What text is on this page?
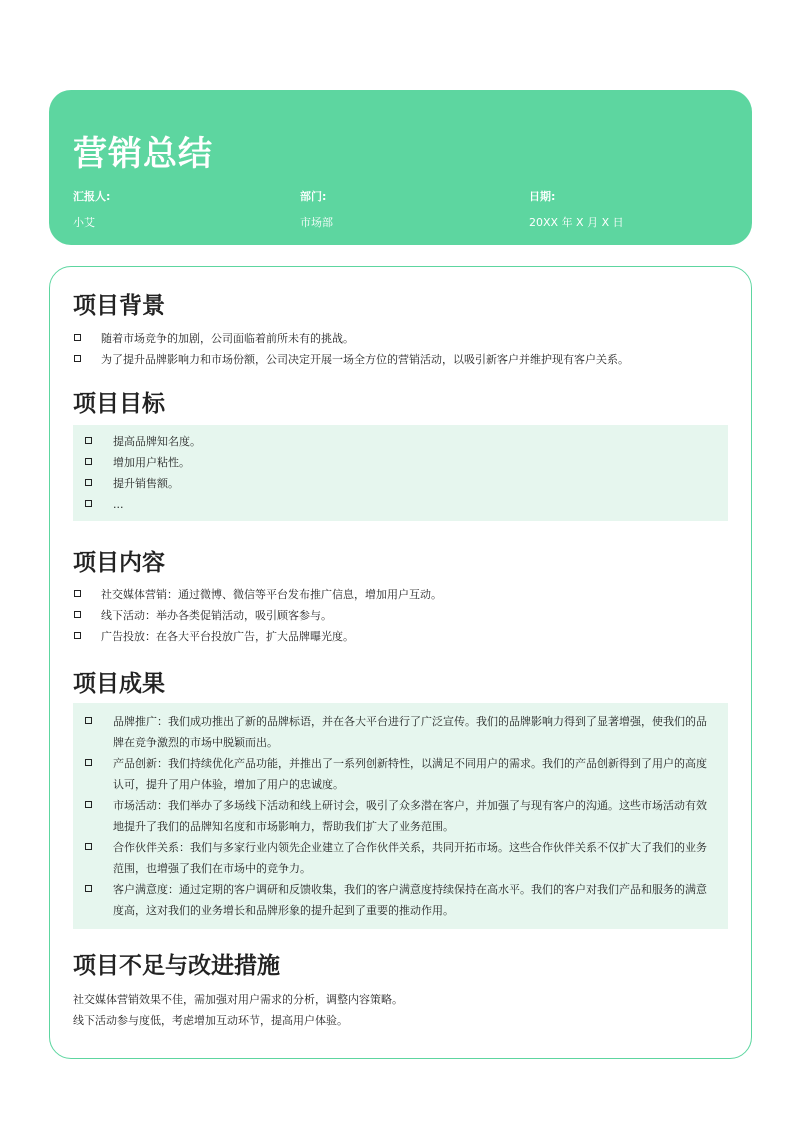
营销总结
汇报人:
小艾
部门:
市场部
日期:
20XX 年 X 月 X 日
项目背景
随着市场竞争的加剧，公司面临着前所未有的挑战。
为了提升品牌影响力和市场份额，公司决定开展一场全方位的营销活动，以吸引新客户并维护现有客户关系。
项目目标
提高品牌知名度。
增加用户粘性。
提升销售额。
...
项目内容
社交媒体营销：通过微博、微信等平台发布推广信息，增加用户互动。
线下活动：举办各类促销活动，吸引顾客参与。
广告投放：在各大平台投放广告，扩大品牌曝光度。
项目成果
品牌推广：我们成功推出了新的品牌标语，并在各大平台进行了广泛宣传。我们的品牌影响力得到了显著增强，使我们的品牌在竞争激烈的市场中脱颖而出。
产品创新：我们持续优化产品功能，并推出了一系列创新特性，以满足不同用户的需求。我们的产品创新得到了用户的高度认可，提升了用户体验，增加了用户的忠诚度。
市场活动：我们举办了多场线下活动和线上研讨会，吸引了众多潜在客户，并加强了与现有客户的沟通。这些市场活动有效地提升了我们的品牌知名度和市场影响力，帮助我们扩大了业务范围。
合作伙伴关系：我们与多家行业内领先企业建立了合作伙伴关系，共同开拓市场。这些合作伙伴关系不仅扩大了我们的业务范围，也增强了我们在市场中的竞争力。
客户满意度：通过定期的客户调研和反馈收集，我们的客户满意度持续保持在高水平。我们的客户对我们产品和服务的满意度高，这对我们的业务增长和品牌形象的提升起到了重要的推动作用。
项目不足与改进措施
社交媒体营销效果不佳，需加强对用户需求的分析，调整内容策略。
线下活动参与度低，考虑增加互动环节，提高用户体验。
